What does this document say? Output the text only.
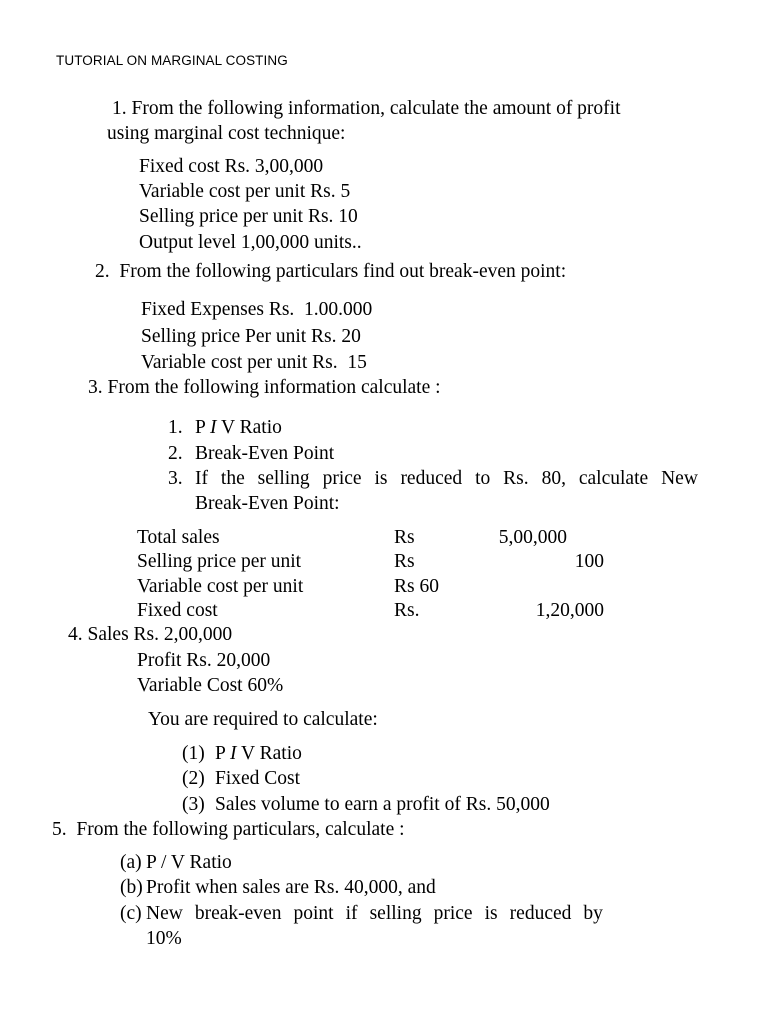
TUTORIAL ON MARGINAL COSTING
1. From the following information, calculate the amount of profit
using marginal cost technique:
Fixed cost Rs. 3,00,000
Variable cost per unit Rs. 5
Selling price per unit Rs. 10
Output level 1,00,000 units..
2.  From the following particulars find out break-even point:
Fixed Expenses Rs.  1.00.000
Selling price Per unit Rs. 20
Variable cost per unit Rs.  15
3. From the following information calculate :
1. P I V Ratio
2. Break-Even Point
3. If the selling price is reduced to Rs. 80, calculate New
Break-Even Point:
Total sales	Rs	5,00,000
Selling price per unit	Rs	100
Variable cost per unit	Rs 60
Fixed cost	Rs.	1,20,000
4. Sales Rs. 2,00,000
Profit Rs. 20,000
Variable Cost 60%
You are required to calculate:
(1) P I V Ratio
(2) Fixed Cost
(3) Sales volume to earn a profit of Rs. 50,000
5.  From the following particulars, calculate :
(a) P / V Ratio
(b) Profit when sales are Rs. 40,000, and
(c) New break-even point if selling price is reduced by
10%
